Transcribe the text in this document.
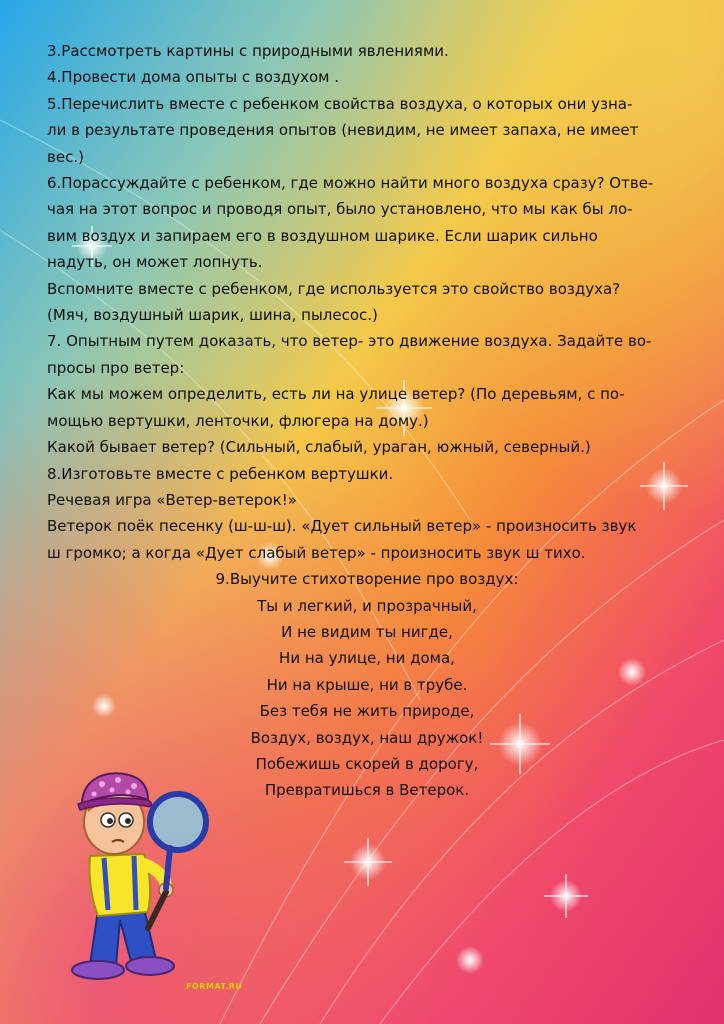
3.Рассмотреть картины с природными явлениями.
4.Провести дома опыты с воздухом .
5.Перечислить вместе с ребенком свойства воздуха, о которых они узна-
ли в результате проведения опытов (невидим, не имеет запаха, не имеет
вес.)
6.Порассуждайте с ребенком, где можно найти много воздуха сразу? Отве-
чая на этот вопрос и проводя опыт, было установлено, что мы как бы ло-
вим воздух и запираем его в воздушном шарике. Если шарик сильно
надуть, он может лопнуть.
Вспомните вместе с ребенком, где используется это свойство воздуха?
(Мяч, воздушный шарик, шина, пылесос.)
7. Опытным путем доказать, что ветер- это движение воздуха. Задайте во-
просы про ветер:
Как мы можем определить, есть ли на улице ветер? (По деревьям, с по-
мощью вертушки, ленточки, флюгера на дому.)
Какой бывает ветер? (Сильный, слабый, ураган, южный, северный.)
8.Изготовьте вместе с ребенком вертушки.
Речевая игра «Ветер-ветерок!»
Ветерок поёк песенку (ш-ш-ш). «Дует сильный ветер» - произносить звук
ш громко; а когда «Дует слабый ветер» - произносить звук ш тихо.
9.Выучите стихотворение про воздух:
Ты и легкий, и прозрачный,
И не видим ты нигде,
Ни на улице, ни дома,
Ни на крыше, ни в трубе.
Без тебя не жить природе,
Воздух, воздух, наш дружок!
Побежишь скорей в дорогу,
Превратишься в Ветерок.
FORMAT.RU
